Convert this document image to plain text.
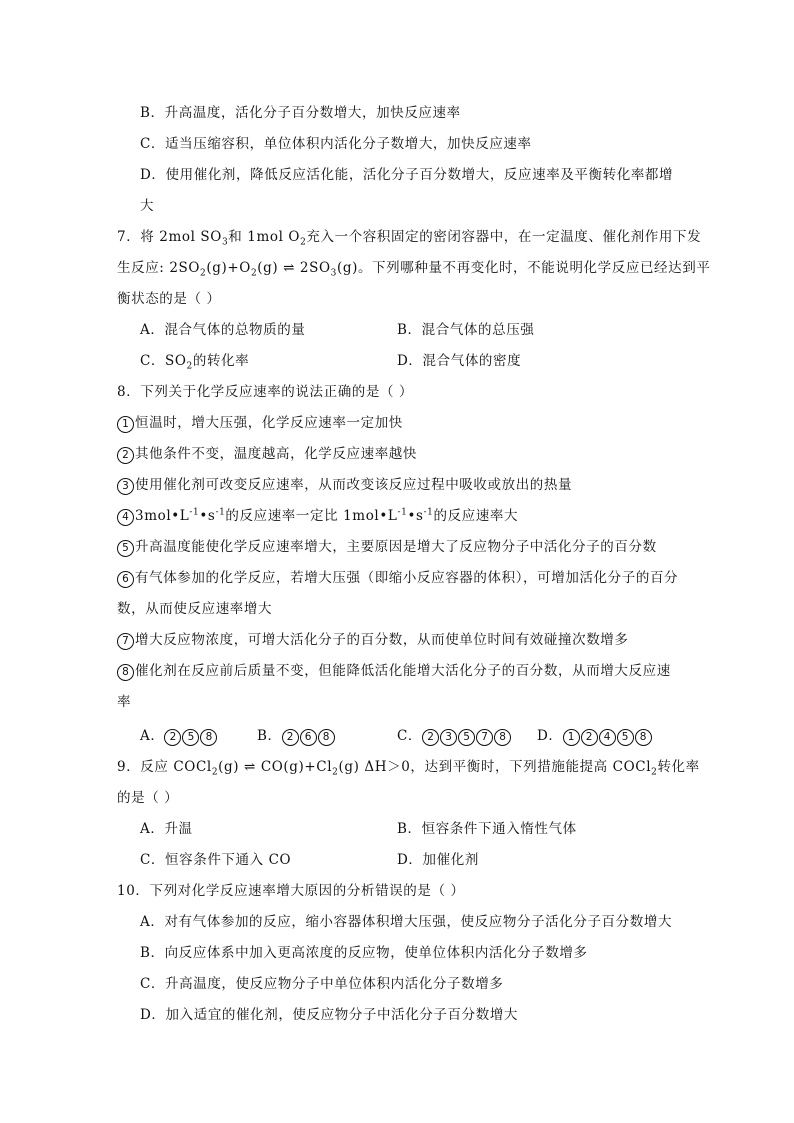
B．升高温度，活化分子百分数增大，加快反应速率
C．适当压缩容积，单位体积内活化分子数增大，加快反应速率
D．使用催化剂，降低反应活化能，活化分子百分数增大，反应速率及平衡转化率都增
大
7．将 2mol $SO_3$和 1mol $O_2$充入一个容积固定的密闭容器中，在一定温度、催化剂作用下发
生反应: $2SO_2(g)+O_2(g)$ ⇌ $2SO_3(g)$。下列哪种量不再变化时，不能说明化学反应已经达到平
衡状态的是（ ）
A．混合气体的总物质的量	B．混合气体的总压强
C．$SO_2$的转化率	D．混合气体的密度
8．下列关于化学反应速率的说法正确的是（ ）
1 恒温时，增大压强，化学反应速率一定加快
2 其他条件不变，温度越高，化学反应速率越快
3 使用催化剂可改变反应速率，从而改变该反应过程中吸收或放出的热量
4 $3mol•L^{-1}•s^{-1}$的反应速率一定比 $1mol•L^{-1}•s^{-1}$的反应速率大
5 升高温度能使化学反应速率增大，主要原因是增大了反应物分子中活化分子的百分数
6 有气体参加的化学反应，若增大压强（即缩小反应容器的体积），可增加活化分子的百分
数，从而使反应速率增大
7 增大反应物浓度，可增大活化分子的百分数，从而使单位时间有效碰撞次数增多
8 催化剂在反应前后质量不变，但能降低活化能增大活化分子的百分数，从而增大反应速
率
A． 2 5 8	B． 2 6 8	C． 2 3 5 7 8	D． 1 2 4 5 8
9．反应 COCl$_2$(g) ⇌ $CO(g)+Cl_2(g)$ ΔH＞0，达到平衡时，下列措施能提高 COCl$_2$转化率
的是（ ）
A．升温	B．恒容条件下通入惰性气体
C．恒容条件下通入 CO	D．加催化剂
10．下列对化学反应速率增大原因的分析错误的是（ ）
A．对有气体参加的反应，缩小容器体积增大压强，使反应物分子活化分子百分数增大
B．向反应体系中加入更高浓度的反应物，使单位体积内活化分子数增多
C．升高温度，使反应物分子中单位体积内活化分子数增多
D．加入适宜的催化剂，使反应物分子中活化分子百分数增大
